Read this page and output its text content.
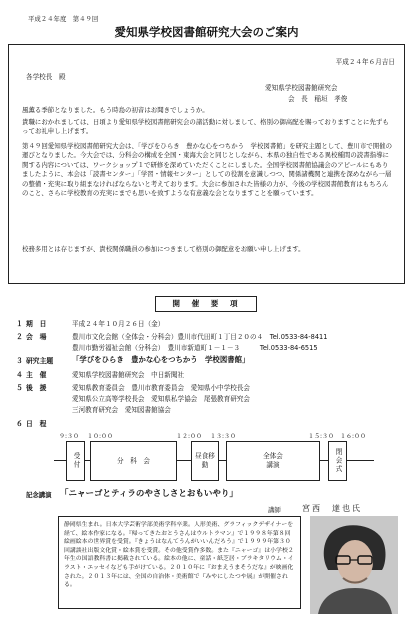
平成２４年度　第４９回
愛知県学校図書館研究大会のご案内
平成２４年６月吉日
各学校長　殿
愛知県学校図書館研究会
会　長　稲垣　孝俊
風薫る季節となりました。もう時島の初音はお聞きでしょうか。
貴職におかれましては、日頃より愛知県学校図書館研究会の諸活動に対しまして、格別の御高配を賜っておりますことに先ずもってお礼申し上げます。
第４９回愛知県学校図書館研究大会は、「学びをひらき　豊かな心をつちかう　学校図書館」を研究主題として、豊川市で開催の運びとなりました。今大会では、分科会の構成を全国・東海大会と同じとしながら、本県の独自性である異校種間の読書指導に関する内容については、ワークショップ１で研修を深めていただくことにしました。全国学校図書館協議会のアピールにもありましたように、本会は「読書センター」「学習・情報センター」としての役割を意識しつつ、関係諸機関と連携を深めながら一層の整備・充実に取り組まなければならないと考えております。大会に参加された皆様の力が、今後の学校図書館教育はもちろんのこと、さらに学校教育の充実にまでも思いを致すような有意義な会となりますことを願っています。
校務多用とは存じますが、貴校関係職員の参加につきまして格別の御配意をお願い申し上げます。
開　催　要　項
１ 期　日	平成２４年１０月２６日（金）
２ 会　場	豊川市文化会館（全体会・分科会）豊川市代田町１丁目２０の４　Tel.0533-84-8411
豊川市勤労福祉会館（分科会）　豊川市新道町１－１－３　　　Tel.0533-84-6515
３ 研究主題	「学びをひらき　豊かな心をつちかう　学校図書館」
４ 主　催	愛知県学校図書館研究会　中日新聞社
５ 後　援	愛知県教育委員会　豊川市教育委員会　愛知県小中学校長会
愛知県公立高等学校長会　愛知県私学協会　尾張教育研究会
三河教育研究会　愛知図書館協会
６ 日　程
９:３０ １０:００	１２:００ １３:３０	１５:３０ １６:００
受付	分　科　会
昼食移動
全体会
講演	閉会式
記念講演 「ニャーゴとティラのやさしさとおもいやり」
講師	宮西　達也氏
静岡県生まれ。日本大学芸術学部美術学科卒業。人形美術、グラフィックデザイナーを経て、絵本作家になる。『帰ってきたおとうさんはウルトラマン』で１９９８年第８回絵画絵本の世界賞を受賞。『きょうはなんてうんがいいんだろう』で１９９９年第３０回講談社出版文化賞・絵本賞を受賞。その他受賞作多数。また『ニャーゴ』は小学校２年生の国語教科書に掲載されている。絵本の他に、童話・紙芝居・ブラキタリウム・イラスト・エッセイなども手がけている。２０１０年に『おまえうまそうだな』が映画化された。２０１３年には、全国の自治体・美術館で『みやにしたつや展』が開催される。
